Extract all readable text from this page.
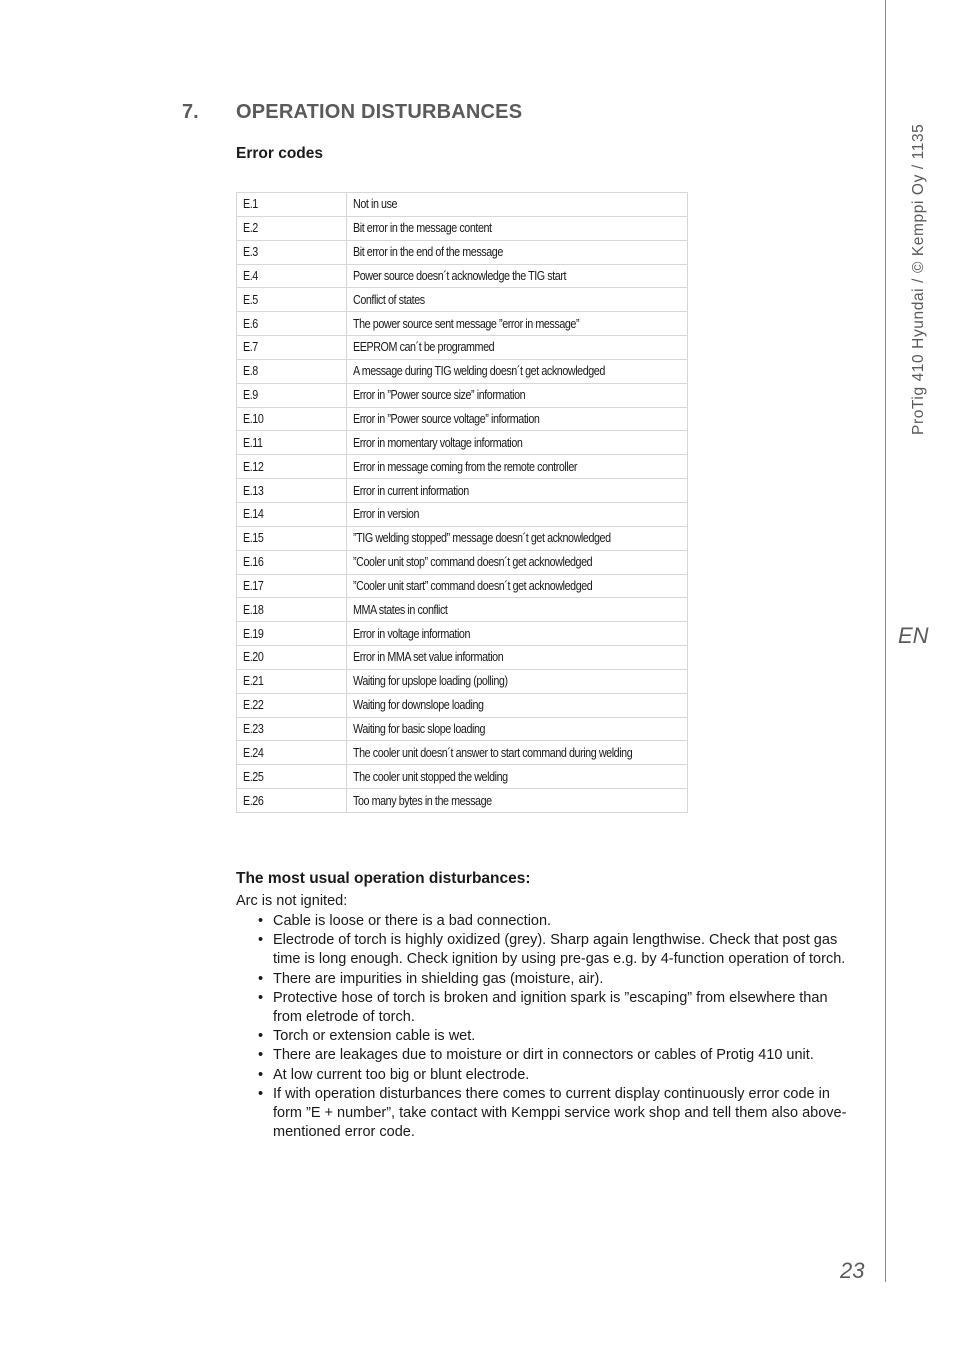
7. OPERATION DISTURBANCES
Error codes
E.1	Not in use
E.2	Bit error in the message content
E.3	Bit error in the end of the message
E.4	Power source doesn´t acknowledge the TIG start
E.5	Conflict of states
E.6	The power source sent message ”error in message”
E.7	EEPROM can´t be programmed
E.8	A message during TIG welding doesn´t get acknowledged
E.9	Error in ”Power source size” information
E.10	Error in ”Power source voltage” information
E.11	Error in momentary voltage information
E.12	Error in message coming from the remote controller
E.13	Error in current information
E.14	Error in version
E.15	”TIG welding stopped” message doesn´t get acknowledged
E.16	”Cooler unit stop” command doesn´t get acknowledged
E.17	”Cooler unit start” command doesn´t get acknowledged
E.18	MMA states in conflict
E.19	Error in voltage information
E.20	Error in MMA set value information
E.21	Waiting for upslope loading (polling)
E.22	Waiting for downslope loading
E.23	Waiting for basic slope loading
E.24	The cooler unit doesn´t answer to start command during welding
E.25	The cooler unit stopped the welding
E.26	Too many bytes in the message
The most usual operation disturbances:
Arc is not ignited:
• Cable is loose or there is a bad connection.
• Electrode of torch is highly oxidized (grey). Sharp again lengthwise. Check that post gas time is long enough. Check ignition by using pre-gas e.g. by 4-function operation of torch.
• There are impurities in shielding gas (moisture, air).
• Protective hose of torch is broken and ignition spark is ”escaping” from elsewhere than from eletrode of torch.
• Torch or extension cable is wet.
• There are leakages due to moisture or dirt in connectors or cables of Protig 410 unit.
• At low current too big or blunt electrode.
• If with operation disturbances there comes to current display continuously error code in form ”E + number”, take contact with Kemppi service work shop and tell them also above-mentioned error code.
ProTig 410 Hyundai / © Kemppi Oy / 1135
EN
23
